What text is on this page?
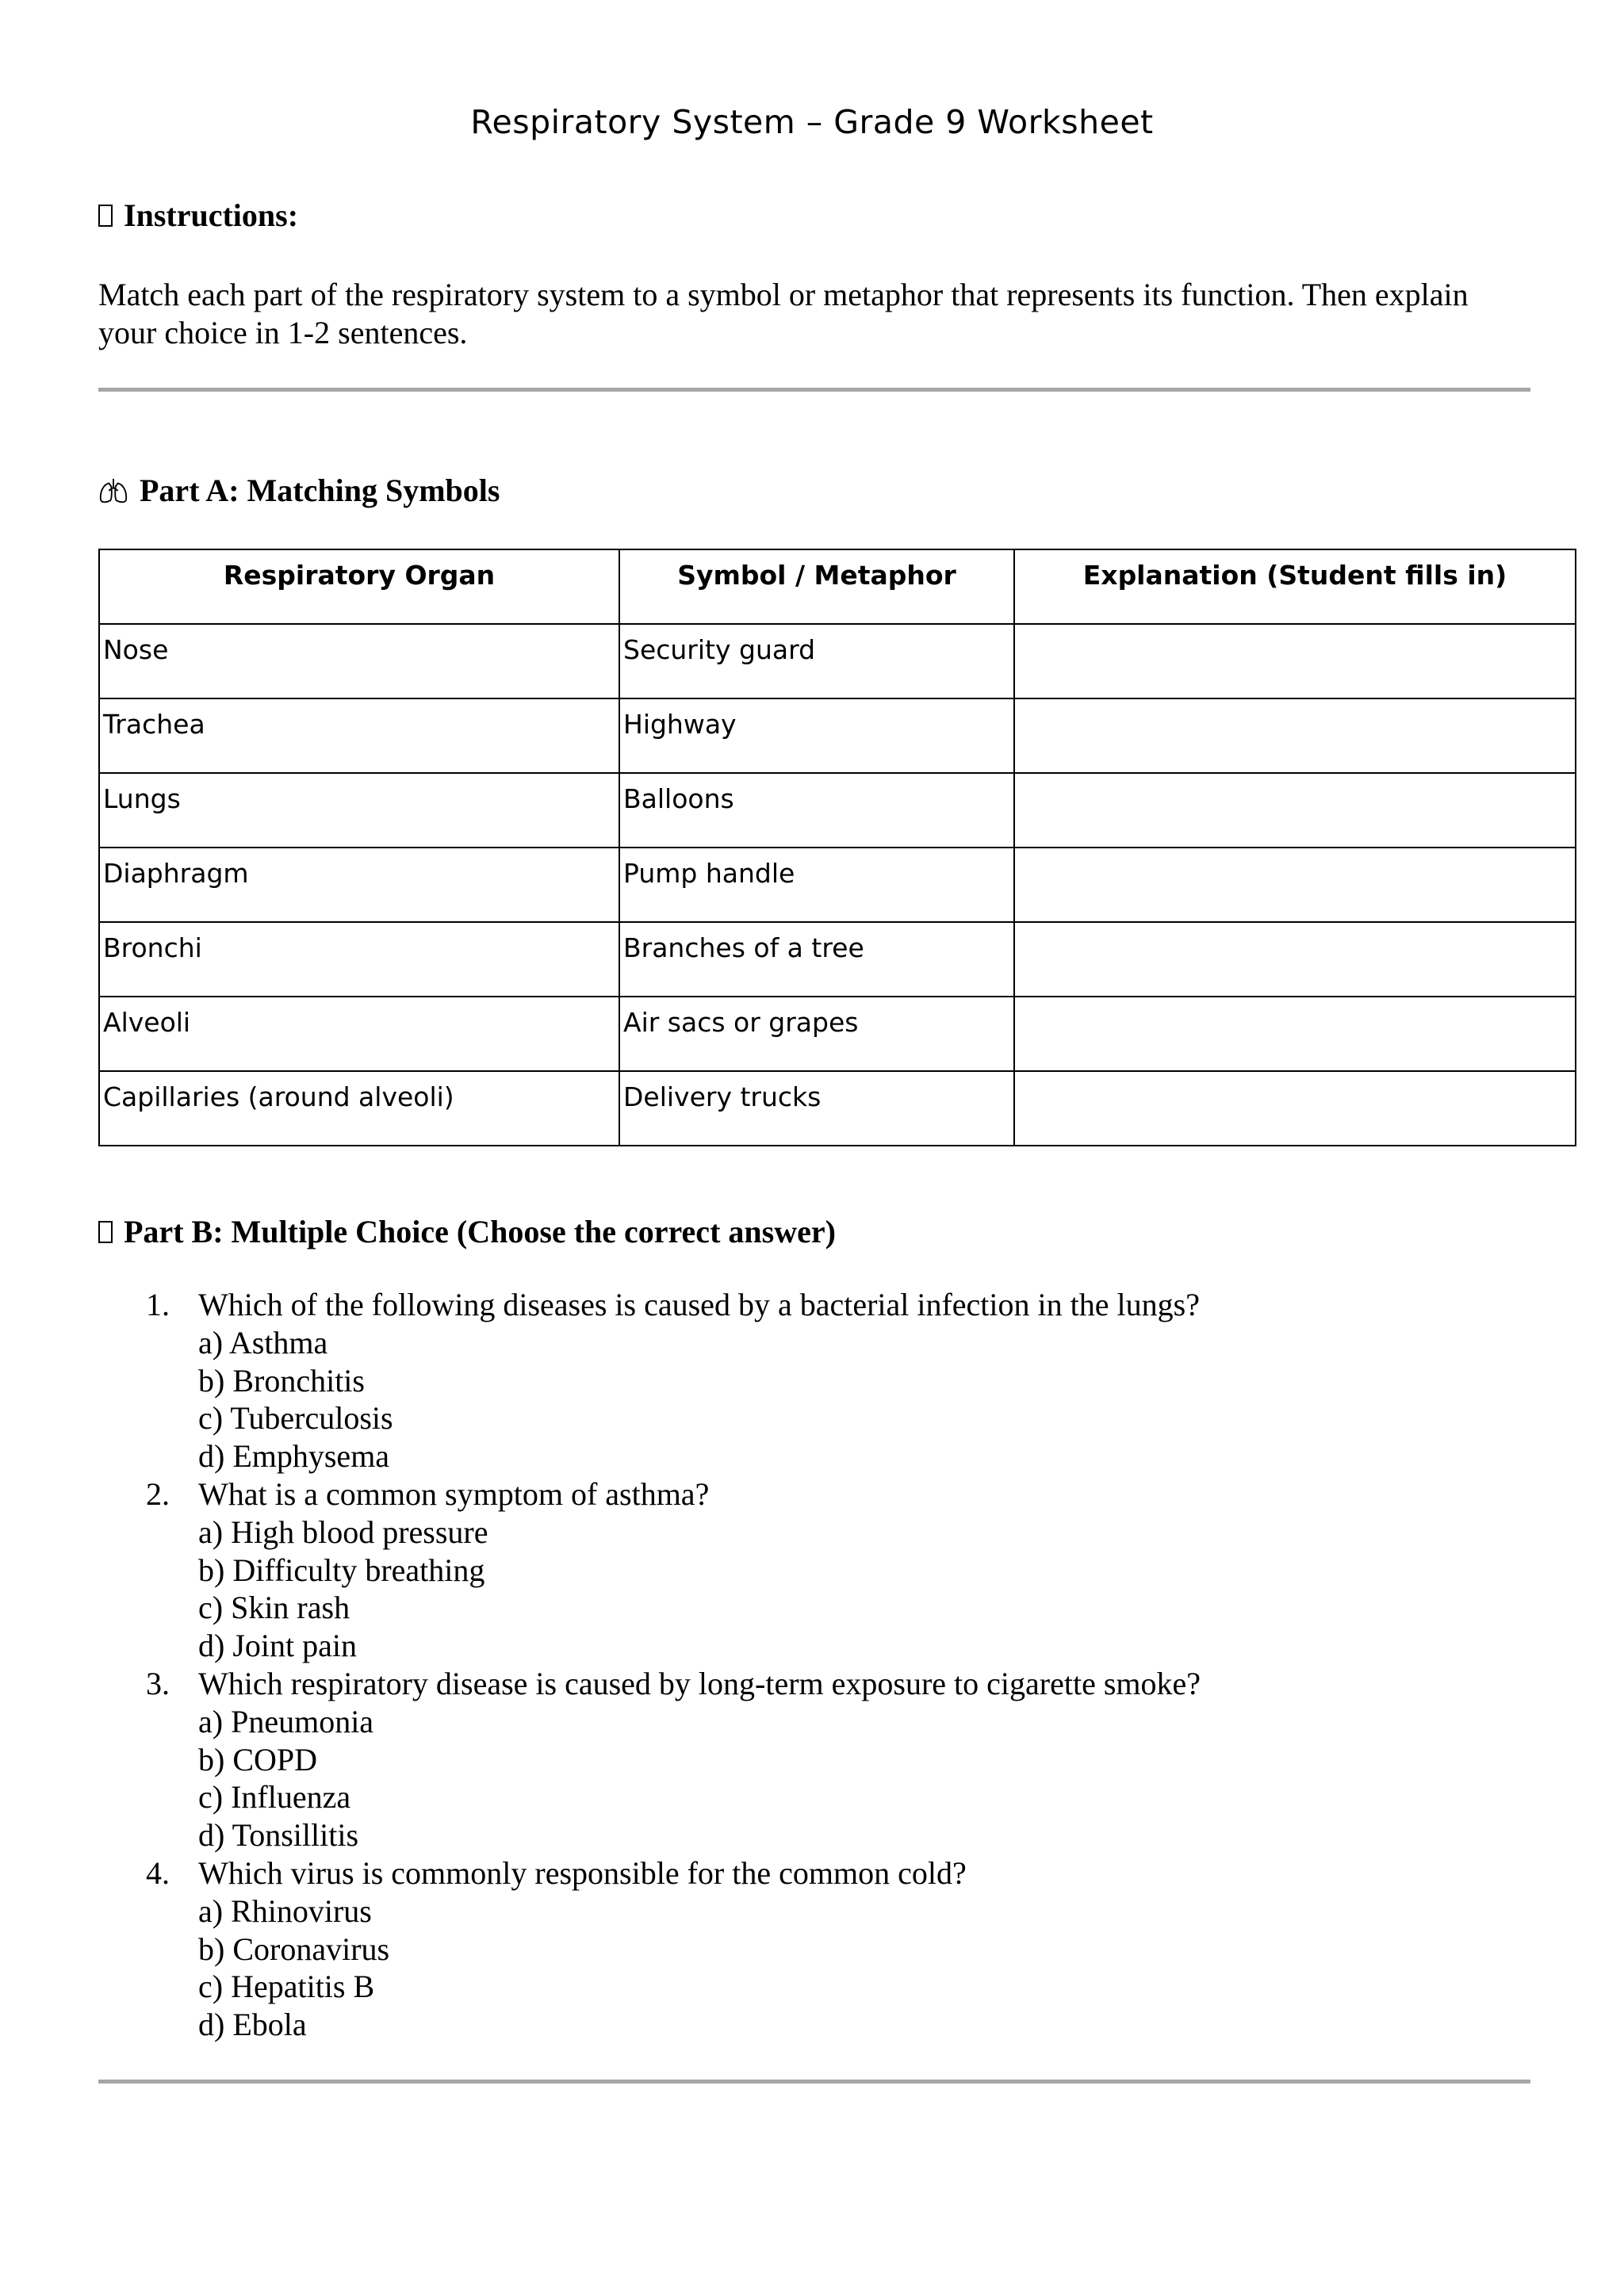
Respiratory System – Grade 9 Worksheet
Instructions:
Match each part of the respiratory system to a symbol or metaphor that represents its function. Then explain your choice in 1-2 sentences.
Part A: Matching Symbols
Respiratory Organ	Symbol / Metaphor	Explanation (Student fills in)
Nose	Security guard	
Trachea	Highway	
Lungs	Balloons	
Diaphragm	Pump handle	
Bronchi	Branches of a tree	
Alveoli	Air sacs or grapes	
Capillaries (around alveoli)	Delivery trucks	
Part B: Multiple Choice (Choose the correct answer)
1. Which of the following diseases is caused by a bacterial infection in the lungs?
a) Asthma
b) Bronchitis
c) Tuberculosis
d) Emphysema
2. What is a common symptom of asthma?
a) High blood pressure
b) Difficulty breathing
c) Skin rash
d) Joint pain
3. Which respiratory disease is caused by long-term exposure to cigarette smoke?
a) Pneumonia
b) COPD
c) Influenza
d) Tonsillitis
4. Which virus is commonly responsible for the common cold?
a) Rhinovirus
b) Coronavirus
c) Hepatitis B
d) Ebola
